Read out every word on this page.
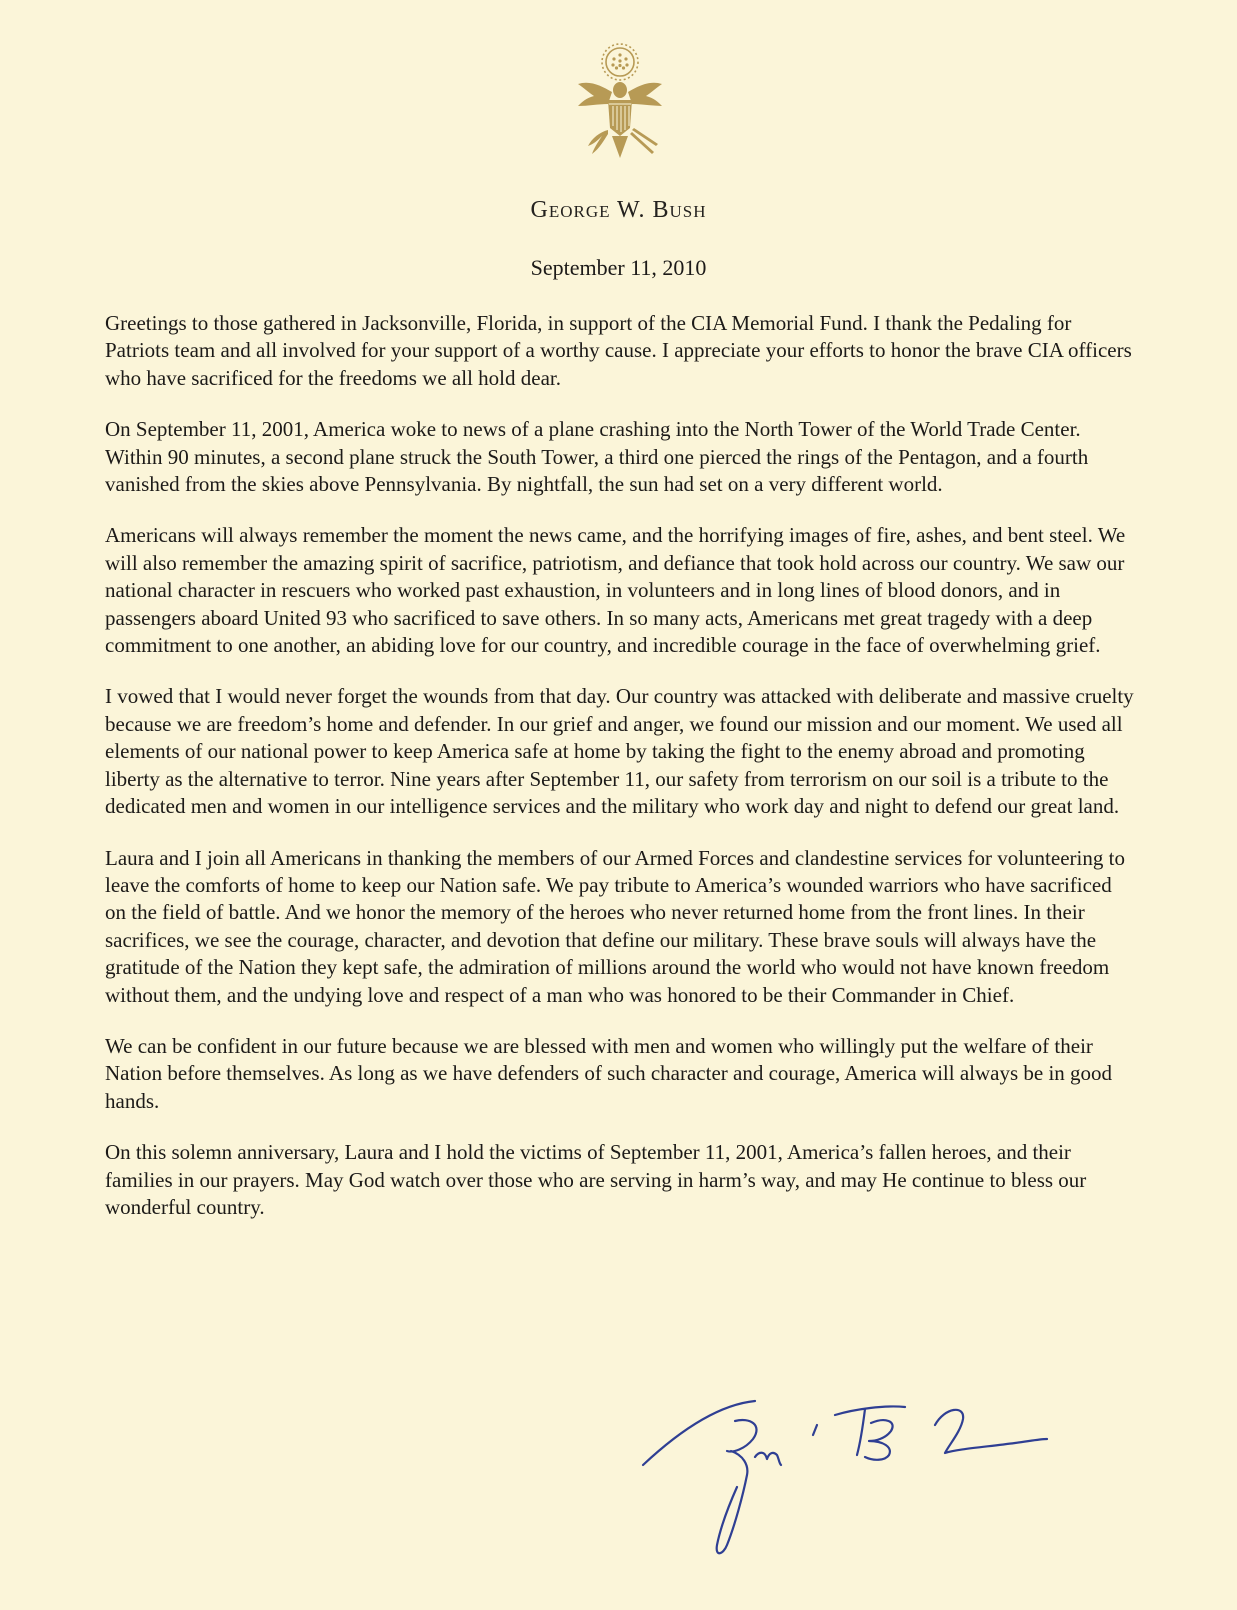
George W. Bush
September 11, 2010

Greetings to those gathered in Jacksonville, Florida, in support of the CIA Memorial Fund. I thank the Pedaling for Patriots team and all involved for your support of a worthy cause. I appreciate your efforts to honor the brave CIA officers who have sacrificed for the freedoms we all hold dear.

On September 11, 2001, America woke to news of a plane crashing into the North Tower of the World Trade Center. Within 90 minutes, a second plane struck the South Tower, a third one pierced the rings of the Pentagon, and a fourth vanished from the skies above Pennsylvania. By nightfall, the sun had set on a very different world.

Americans will always remember the moment the news came, and the horrifying images of fire, ashes, and bent steel. We will also remember the amazing spirit of sacrifice, patriotism, and defiance that took hold across our country. We saw our national character in rescuers who worked past exhaustion, in volunteers and in long lines of blood donors, and in passengers aboard United 93 who sacrificed to save others. In so many acts, Americans met great tragedy with a deep commitment to one another, an abiding love for our country, and incredible courage in the face of overwhelming grief.

I vowed that I would never forget the wounds from that day. Our country was attacked with deliberate and massive cruelty because we are freedom’s home and defender. In our grief and anger, we found our mission and our moment. We used all elements of our national power to keep America safe at home by taking the fight to the enemy abroad and promoting liberty as the alternative to terror. Nine years after September 11, our safety from terrorism on our soil is a tribute to the dedicated men and women in our intelligence services and the military who work day and night to defend our great land.

Laura and I join all Americans in thanking the members of our Armed Forces and clandestine services for volunteering to leave the comforts of home to keep our Nation safe. We pay tribute to America’s wounded warriors who have sacrificed on the field of battle. And we honor the memory of the heroes who never returned home from the front lines. In their sacrifices, we see the courage, character, and devotion that define our military. These brave souls will always have the gratitude of the Nation they kept safe, the admiration of millions around the world who would not have known freedom without them, and the undying love and respect of a man who was honored to be their Commander in Chief.

We can be confident in our future because we are blessed with men and women who willingly put the welfare of their Nation before themselves. As long as we have defenders of such character and courage, America will always be in good hands.

On this solemn anniversary, Laura and I hold the victims of September 11, 2001, America’s fallen heroes, and their families in our prayers. May God watch over those who are serving in harm’s way, and may He continue to bless our wonderful country.
